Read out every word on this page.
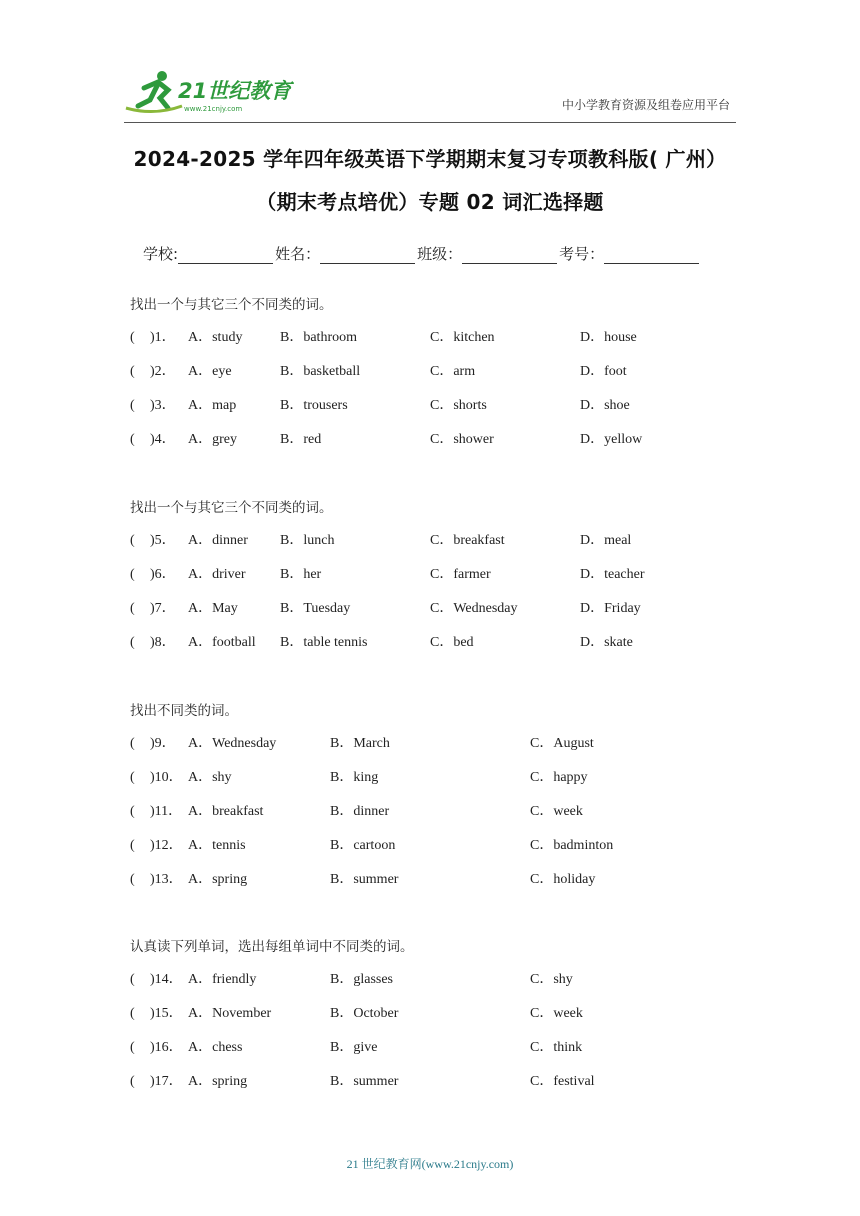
21世纪教育
www.21cnjy.com	中小学教育资源及组卷应用平台
2024-2025 学年四年级英语下学期期末复习专项教科版( 广州）
（期末考点培优）专题 02 词汇选择题
学校:	姓名：	班级：	考号：
找出一个与其它三个不同类的词。
( )1． A．study	B．bathroom	C．kitchen	D．house
( )2． A．eye	B．basketball	C．arm	D．foot
( )3． A．map	B．trousers	C．shorts	D．shoe
( )4． A．grey	B．red	C．shower	D．yellow
找出一个与其它三个不同类的词。
( )5． A．dinner B．lunch	C．breakfast	D．meal
( )6． A．driver B．her	C．farmer	D．teacher
( )7． A．May	B．Tuesday	C．Wednesday	D．Friday
( )8． A．football B．table tennis	C．bed	D．skate
找出不同类的词。
( )9． A．Wednesday	B．March	C．August
( )10． A．shy	B．king	C．happy
( )11． A．breakfast	B．dinner	C．week
( )12． A．tennis	B．cartoon	C．badminton
( )13． A．spring	B．summer	C．holiday
认真读下列单词，选出每组单词中不同类的词。
( )14． A．friendly	B．glasses	C．shy
( )15． A．November	B．October	C．week
( )16． A．chess	B．give	C．think
( )17． A．spring	B．summer	C．festival
21 世纪教育网(www.21cnjy.com)
